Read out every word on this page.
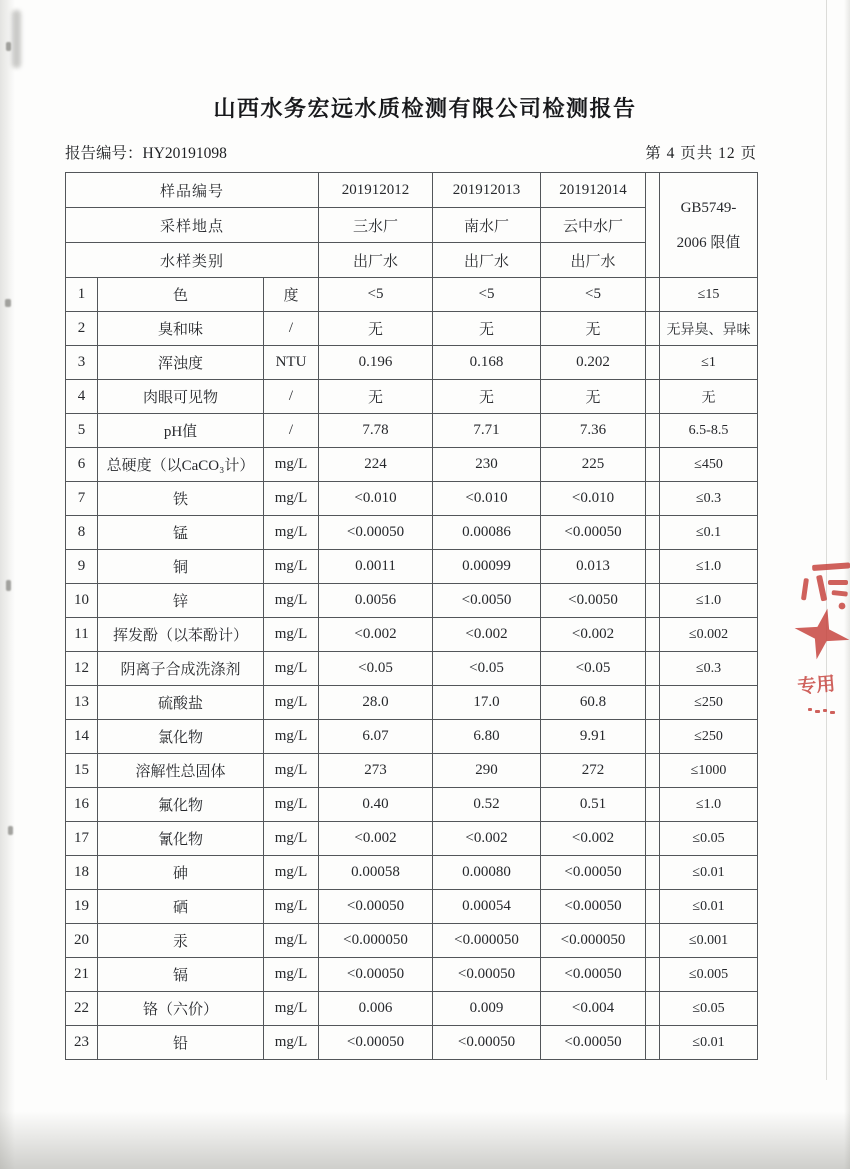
山西水务宏远水质检测有限公司检测报告
报告编号：HY20191098	第 4 页共 12 页
样品编号			201912012	201912013	201912014		GB5749-
2006 限值

采样地点			三水厂	南水厂	云中水厂		
水样类别			出厂水	出厂水	出厂水		
1	色	度	<5	<5	<5		≤15
2	臭和味	/	无	无	无		无异臭、异味
3	浑浊度	NTU	0.196	0.168	0.202		≤1
4	肉眼可见物	/	无	无	无		无
5	pH值	/	7.78	7.71	7.36		6.5-8.5
6	总硬度（以CaCO₃计）	mg/L	224	230	225		≤450
7	铁	mg/L	<0.010	<0.010	<0.010		≤0.3
8	锰	mg/L	<0.00050	0.00086	<0.00050		≤0.1
9	铜	mg/L	0.0011	0.00099	0.013		≤1.0
10	锌	mg/L	0.0056	<0.0050	<0.0050		≤1.0
11	挥发酚（以苯酚计）	mg/L	<0.002	<0.002	<0.002		≤0.002
12	阴离子合成洗涤剂	mg/L	<0.05	<0.05	<0.05		≤0.3
13	硫酸盐	mg/L	28.0	17.0	60.8		≤250
14	氯化物	mg/L	6.07	6.80	9.91		≤250
15	溶解性总固体	mg/L	273	290	272		≤1000
16	氟化物	mg/L	0.40	0.52	0.51		≤1.0
17	氰化物	mg/L	<0.002	<0.002	<0.002		≤0.05
18	砷	mg/L	0.00058	0.00080	<0.00050		≤0.01
19	硒	mg/L	<0.00050	0.00054	<0.00050		≤0.01
20	汞	mg/L	<0.000050	<0.000050	<0.000050		≤0.001
21	镉	mg/L	<0.00050	<0.00050	<0.00050		≤0.005
22	铬（六价）	mg/L	0.006	0.009	<0.004		≤0.05
23	铅	mg/L	<0.00050	<0.00050	<0.00050		≤0.01
专用
